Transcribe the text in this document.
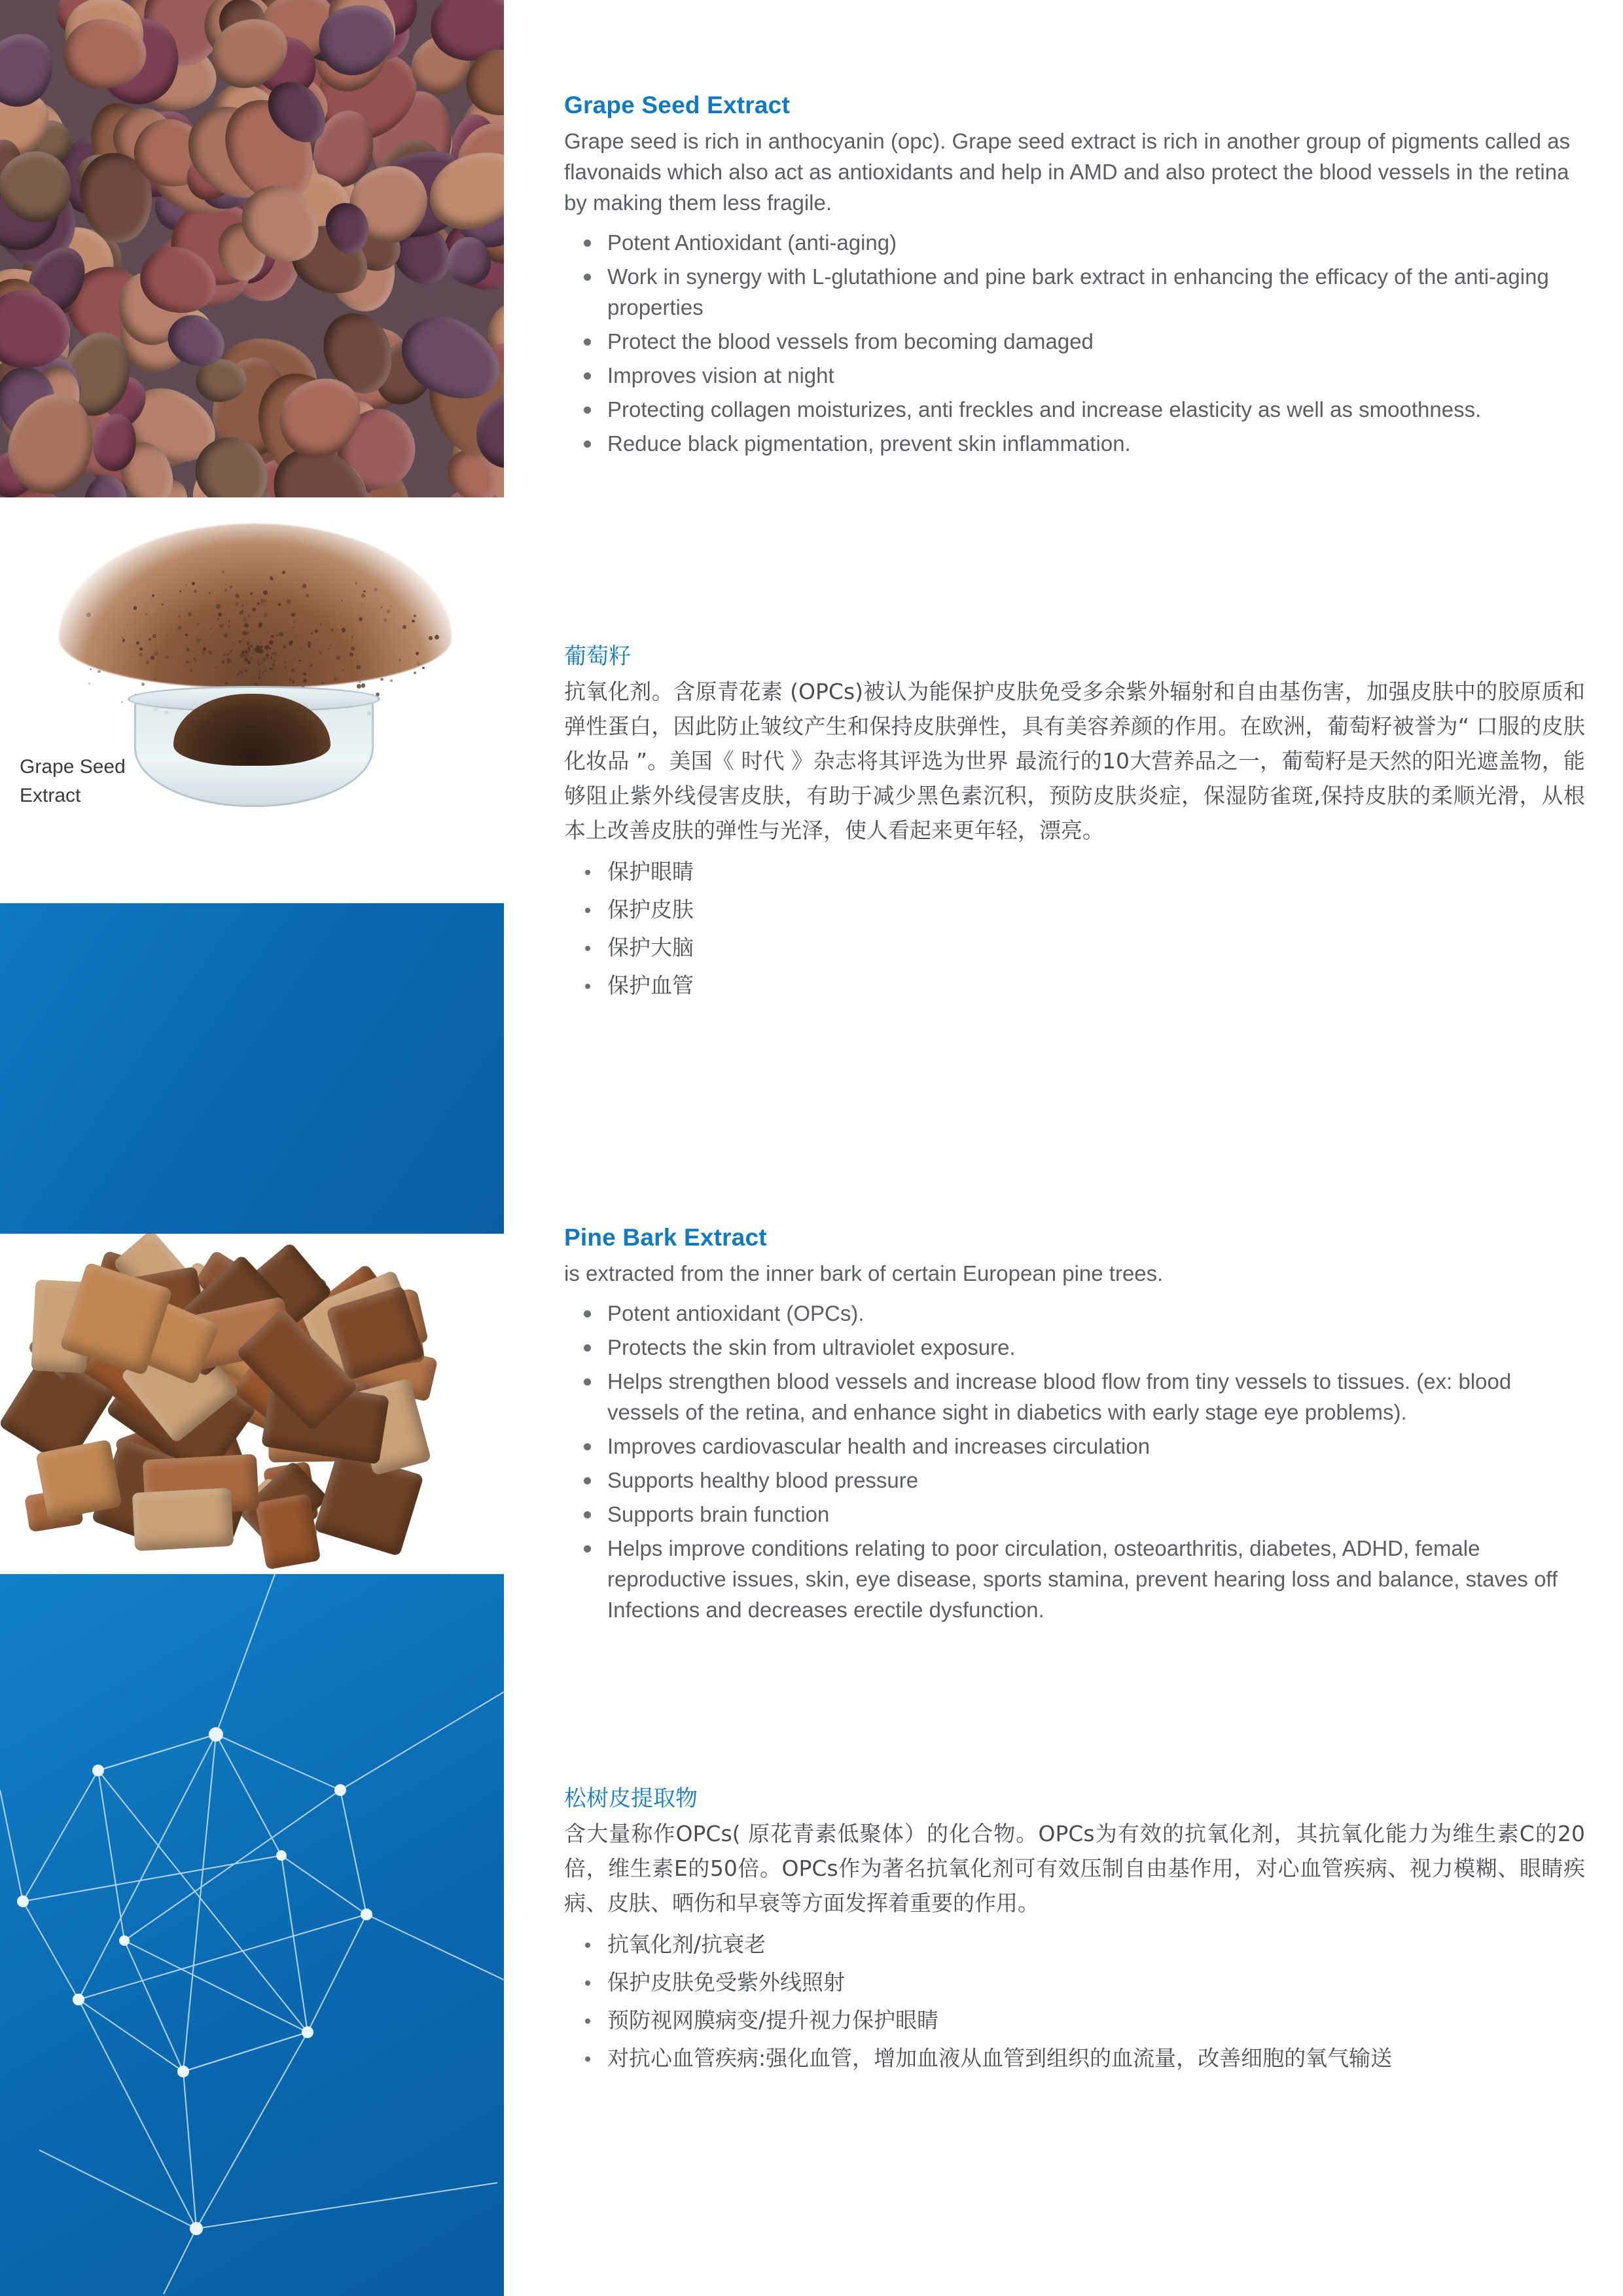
Grape Seed
Extract
Grape Seed Extract

Grape seed is rich in anthocyanin (opc). Grape seed extract is rich in another group of pigments called as flavonaids which also act as antioxidants and help in AMD and also protect the blood vessels in the retina by making them less fragile.

Potent Antioxidant (anti-aging)
Work in synergy with L-glutathione and pine bark extract in enhancing the efficacy of the anti-aging properties
Protect the blood vessels from becoming damaged
Improves vision at night
Protecting collagen moisturizes, anti freckles and increase elasticity as well as smoothness.
Reduce black pigmentation, prevent skin inflammation.
葡萄籽

抗氧化剂。含原青花素 (OPCs)被认为能保护皮肤免受多余紫外辐射和自由基伤害，加强皮肤中的胶原质和弹性蛋白，因此防止皱纹产生和保持皮肤弹性，具有美容养颜的作用。在欧洲，葡萄籽被誉为“ 口服的皮肤化妆品 ”。美国《 时代 》杂志将其评选为世界 最流行的10大营养品之一，葡萄籽是天然的阳光遮盖物，能够阻止紫外线侵害皮肤，有助于减少黑色素沉积，预防皮肤炎症，保湿防雀斑,保持皮肤的柔顺光滑，从根本上改善皮肤的弹性与光泽，使人看起来更年轻，漂亮。

保护眼睛
保护皮肤
保护大脑
保护血管
Pine Bark Extract

is extracted from the inner bark of certain European pine trees.

Potent antioxidant (OPCs).
Protects the skin from ultraviolet exposure.
Helps strengthen blood vessels and increase blood flow from tiny vessels to tissues. (ex: blood vessels of the retina, and enhance sight in diabetics with early stage eye problems).
Improves cardiovascular health and increases circulation
Supports healthy blood pressure
Supports brain function
Helps improve conditions relating to poor circulation, osteoarthritis, diabetes, ADHD, female reproductive issues, skin, eye disease, sports stamina, prevent hearing loss and balance, staves off Infections and decreases erectile dysfunction.
松树皮提取物

含大量称作OPCs( 原花青素低聚体）的化合物。OPCs为有效的抗氧化剂，其抗氧化能力为维生素C的20倍，维生素E的50倍。OPCs作为著名抗氧化剂可有效压制自由基作用，对心血管疾病、视力模糊、眼睛疾病、皮肤、晒伤和早衰等方面发挥着重要的作用。

抗氧化剂/抗衰老
保护皮肤免受紫外线照射
预防视网膜病变/提升视力保护眼睛
对抗心血管疾病:强化血管，增加血液从血管到组织的血流量，改善细胞的氧气输送
